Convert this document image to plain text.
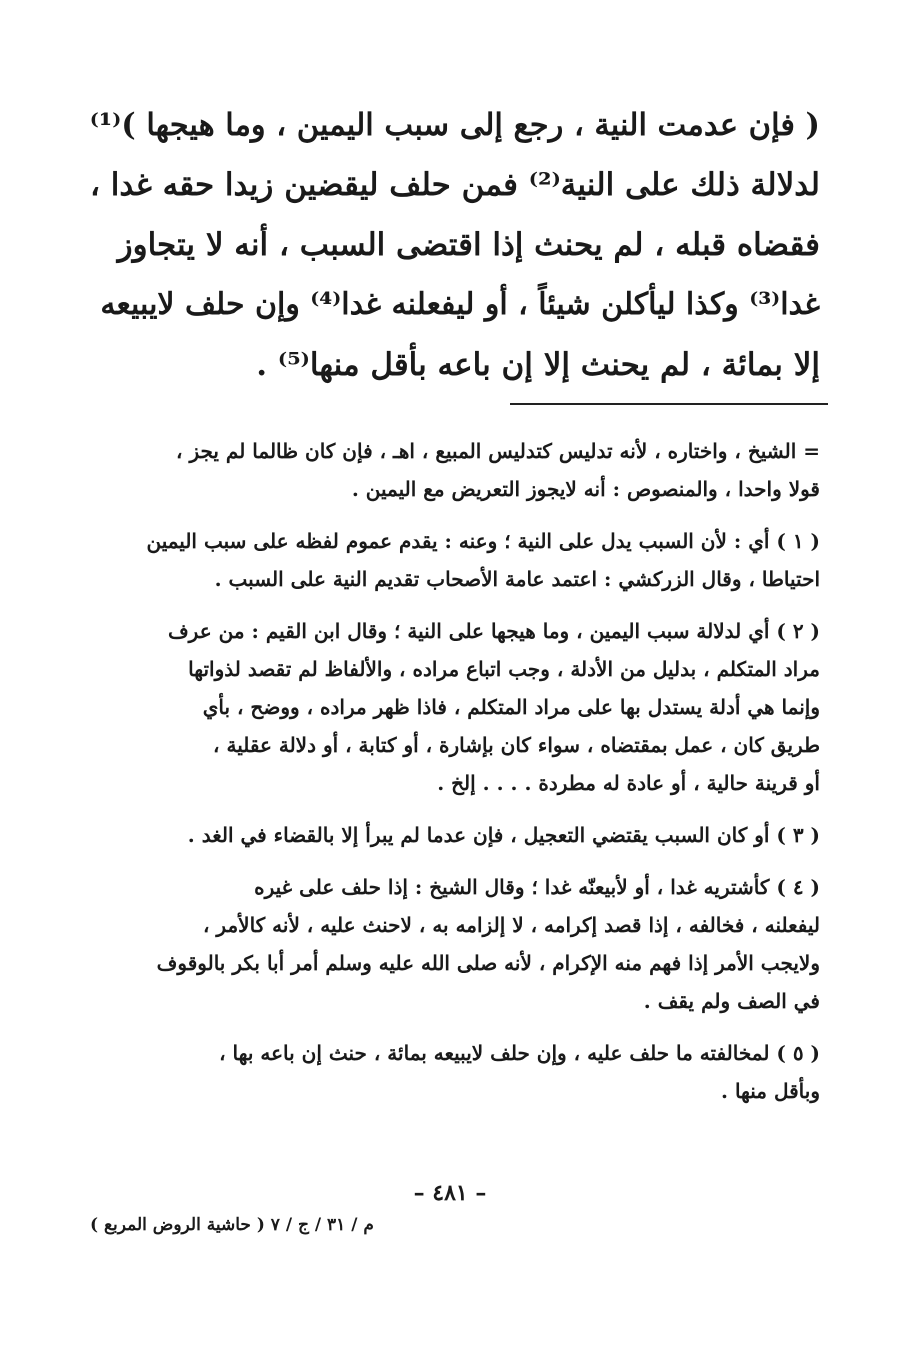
( فإن عدمت النية ، رجع إلى سبب اليمين ، وما هيجها )⁽¹⁾
لدلالة ذلك على النية⁽²⁾ فمن حلف ليقضين زيدا حقه غدا ،
فقضاه قبله ، لم يحنث إذا اقتضى السبب ، أنه لا يتجاوز
غدا⁽³⁾ وكذا ليأكلن شيئاً ، أو ليفعلنه غدا⁽⁴⁾ وإن حلف لايبيعه
إلا بمائة ، لم يحنث إلا إن باعه بأقل منها⁽⁵⁾ .
= الشيخ ، واختاره ، لأنه تدليس كتدليس المبيع ، اهـ ، فإن كان ظالما لم يجز ،
قولا واحدا ، والمنصوص : أنه لايجوز التعريض مع اليمين .
( ١ ) أي : لأن السبب يدل على النية ؛ وعنه : يقدم عموم لفظه على سبب اليمين
احتياطا ، وقال الزركشي : اعتمد عامة الأصحاب تقديم النية على السبب .
( ٢ ) أي لدلالة سبب اليمين ، وما هيجها على النية ؛ وقال ابن القيم : من عرف
مراد المتكلم ، بدليل من الأدلة ، وجب اتباع مراده ، والألفاظ لم تقصد لذواتها
وإنما هي أدلة يستدل بها على مراد المتكلم ، فاذا ظهر مراده ، ووضح ، بأي
طريق كان ، عمل بمقتضاه ، سواء كان بإشارة ، أو كتابة ، أو دلالة عقلية ،
أو قرينة حالية ، أو عادة له مطردة . . . . إلخ .
( ٣ ) أو كان السبب يقتضي التعجيل ، فإن عدما لم يبرأ إلا بالقضاء في الغد .
( ٤ ) كأشتريه غدا ، أو لأبيعنّه غدا ؛ وقال الشيخ : إذا حلف على غيره
ليفعلنه ، فخالفه ، إذا قصد إكرامه ، لا إلزامه به ، لاحنث عليه ، لأنه كالأمر ،
ولايجب الأمر إذا فهم منه الإكرام ، لأنه صلى الله عليه وسلم أمر أبا بكر بالوقوف
في الصف ولم يقف .
( ٥ ) لمخالفته ما حلف عليه ، وإن حلف لايبيعه بمائة ، حنث إن باعه بها ،
وبأقل منها .
– ٤٨١ –
م / ٣١ / ج / ٧ ( حاشية الروض المربع )
